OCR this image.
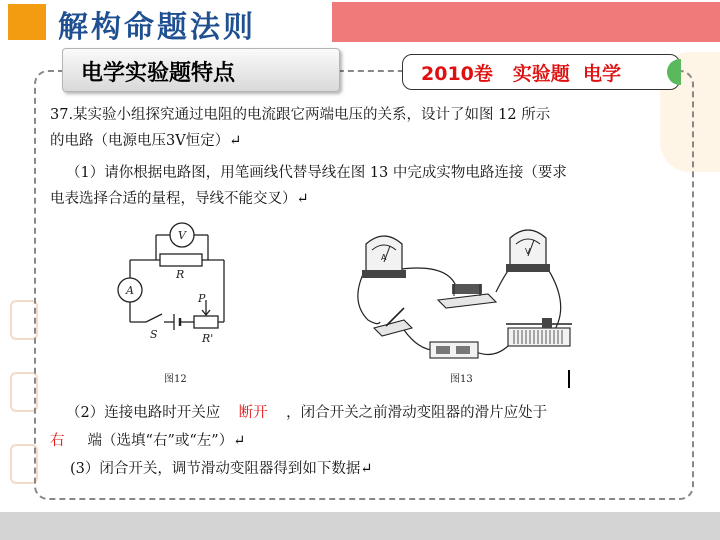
解构命题法则
电学实验题特点	2010卷 实验题 电学
37.某实验小组探究通过电阻的电流跟它两端电压的关系，设计了如图 12 所示
的电路（电源电压3V恒定）↵
（1）请你根据电路图，用笔画线代替导线在图 13 中完成实物电路连接（要求
电表选择合适的量程，导线不能交叉）↵
V
A
R
S
P
R'
图12
A
V
图13
（2）连接电路时开关应 断开 ，闭合开关之前滑动变阻器的滑片应处于
右 端（选填“右”或“左”）↵
(3）闭合开关，调节滑动变阻器得到如下数据↵
